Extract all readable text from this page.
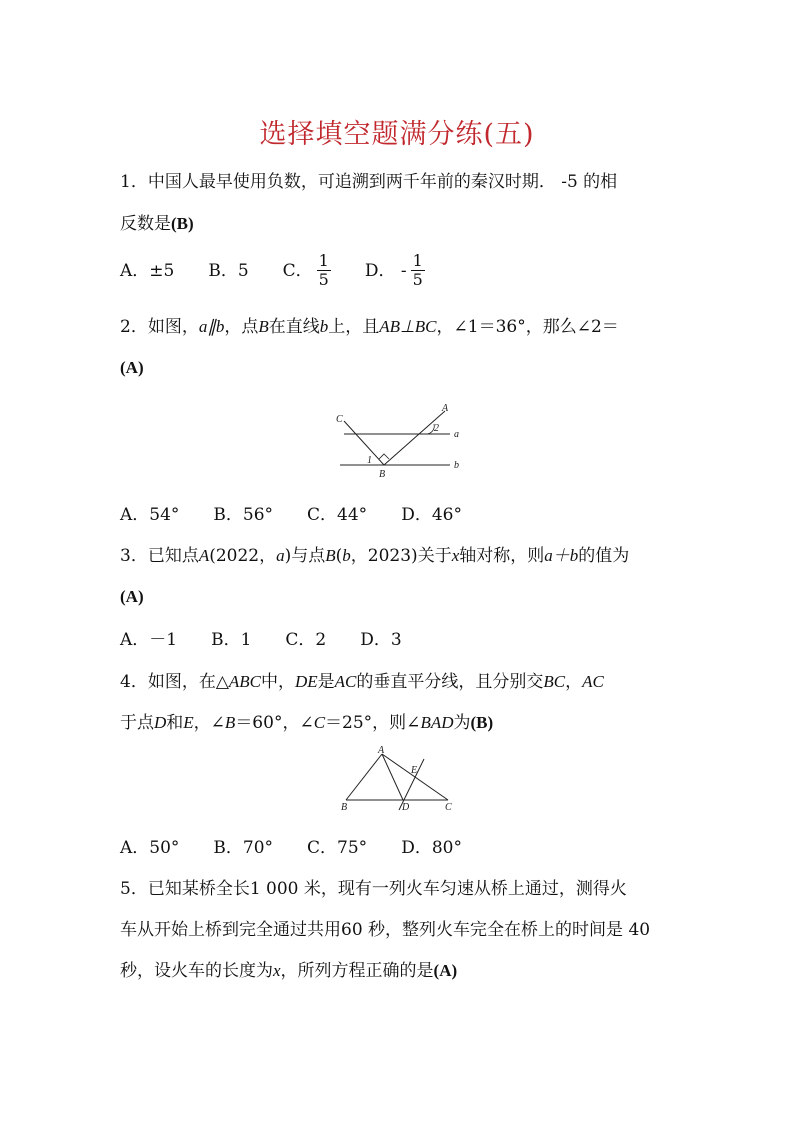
选择填空题满分练(五)
1．中国人最早使用负数，可追溯到两千年前的秦汉时期． -5 的相
反数是(B)
A．±5 B．5 C． $\frac{1}{5}$ D． - $\frac{1}{5}$
2．如图，a∥b，点B在直线b上，且AB⊥BC，∠1＝36°，那么∠2＝
(A)
C
A
B
a
b
1
2
A．54° B．56° C．44° D．46°
3．已知点A(2022，a)与点B(b，2023)关于x轴对称，则a＋b的值为
(A)
A．－1 B．1 C．2 D．3
4．如图，在△ABC中，DE是AC的垂直平分线，且分别交BC，AC
于点D和E，∠B＝60°，∠C＝25°，则∠BAD为(B)
A
B	C
D
E
A．50° B．70° C．75° D．80°
5．已知某桥全长1 000 米，现有一列火车匀速从桥上通过，测得火
车从开始上桥到完全通过共用60 秒，整列火车完全在桥上的时间是 40
秒，设火车的长度为x，所列方程正确的是(A)
